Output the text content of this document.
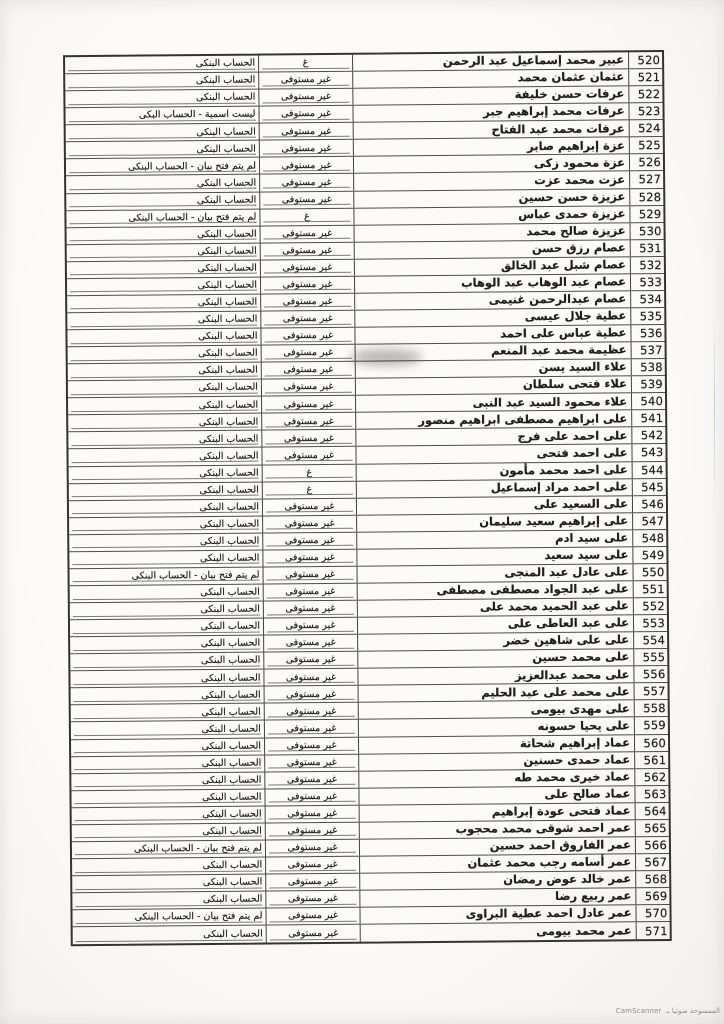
520
عبير محمد إسماعيل عبد الرحمن
غ
الحساب البنكى
521
عثمان عثمان محمد
غير مستوفى
الحساب البنكى
522
عرفات حسن خليفة
غير مستوفى
الحساب البنكى
523
عرفات محمد إبراهيم جبر
غير مستوفى
ليست اسمية - الحساب البكى
524
عرفات محمد عبد الفتاح
غير مستوفى
الحساب البنكى
525
عزة إبراهيم صابر
غير مستوفى
الحساب البنكى
526
عزة محمود زكى
غير مستوفى
لم يتم فتح بيان - الحساب البنكى
527
عزت محمد عزت
غير مستوفى
الحساب البنكى
528
عزيزة حسن حسين
غير مستوفى
الحساب البنكى
529
عزيزة حمدى عباس
غ
لم يتم فتح بيان - الحساب البنكى
530
عزيزة صالح محمد
غير مستوفى
الحساب البنكى
531
عصام رزق حسن
غير مستوفى
الحساب البنكى
532
عصام شبل عبد الخالق
غير مستوفى
الحساب البنكى
533
عصام عبد الوهاب عبد الوهاب
غير مستوفى
الحساب البنكى
534
عصام عبدالرحمن غنيمى
غير مستوفى
الحساب البنكى
535
عطية جلال عيسى
غير مستوفى
الحساب البنكى
536
عطية عباس على احمد
غير مستوفى
الحساب البنكى
537
عظيمة محمد عبد المنعم
غير مستوفى
الحساب البنكى
538
علاء السيد يسن
غير مستوفى
الحساب البنكى
539
علاء فتحى سلطان
غير مستوفى
الحساب البنكى
540
علاء محمود السيد عبد النبى
غير مستوفى
الحساب البنكى
541
على ابراهيم مصطفى ابراهيم منصور
غير مستوفى
الحساب البنكى
542
على احمد على فرج
غير مستوفى
الحساب البنكى
543
على احمد فتحى
غير مستوفى
الحساب البنكى
544
على احمد محمد مأمون
غ
الحساب البنكى
545
على احمد مراد إسماعيل
غ
الحساب البنكى
546
على السعيد على
غير مستوفى
الحساب البنكى
547
على إبراهيم سعيد سليمان
غير مستوفى
الحساب البنكى
548
على سيد ادم
غير مستوفى
الحساب البنكى
549
على سيد سعيد
غير مستوفى
الحساب البنكى
550
على عادل عبد المنجى
غير مستوفى
لم يتم فتح بيان - الحساب البنكى
551
على عبد الجواد مصطفى مصطفى
غير مستوفى
الحساب البنكى
552
على عبد الحميد محمد على
غير مستوفى
الحساب البنكى
553
على عبد العاطى على
غير مستوفى
الحساب البنكى
554
على على شاهين خضر
غير مستوفى
الحساب البنكى
555
على محمد حسين
غير مستوفى
الحساب البنكى
556
على محمد عبدالعزيز
غير مستوفى
الحساب البنكى
557
على محمد على عبد الحليم
غير مستوفى
الحساب البنكى
558
على مهدى بيومى
غير مستوفى
الحساب البنكى
559
على يحيا حسونه
غير مستوفى
الحساب البنكى
560
عماد إبراهيم شحاتة
غير مستوفى
الحساب البنكى
561
عماد حمدى حسنين
غير مستوفى
الحساب البنكى
562
عماد خيرى محمد طه
غير مستوفى
الحساب البنكى
563
عماد صالح على
غير مستوفى
الحساب البنكى
564
عماد فتحى عودة إبراهيم
غير مستوفى
الحساب البنكى
565
عمر احمد شوقى محمد محجوب
غير مستوفى
الحساب البنكى
566
عمر الفاروق احمد حسين
غير مستوفى
لم يتم فتح بيان - الحساب البنكى
567
عمر أسامه رجب محمد عثمان
غير مستوفى
الحساب البنكى
568
عمر خالد عوض رمضان
غير مستوفى
الحساب البنكى
569
عمر ربيع رضا
غير مستوفى
الحساب البنكى
570
عمر عادل احمد عطية البراوى
غير مستوفى
لم يتم فتح بيان - الحساب البنكى
571
عمر محمد بيومى
غير مستوفى
الحساب البنكى
الممسوحة ضوئيا بـ CamScanner
